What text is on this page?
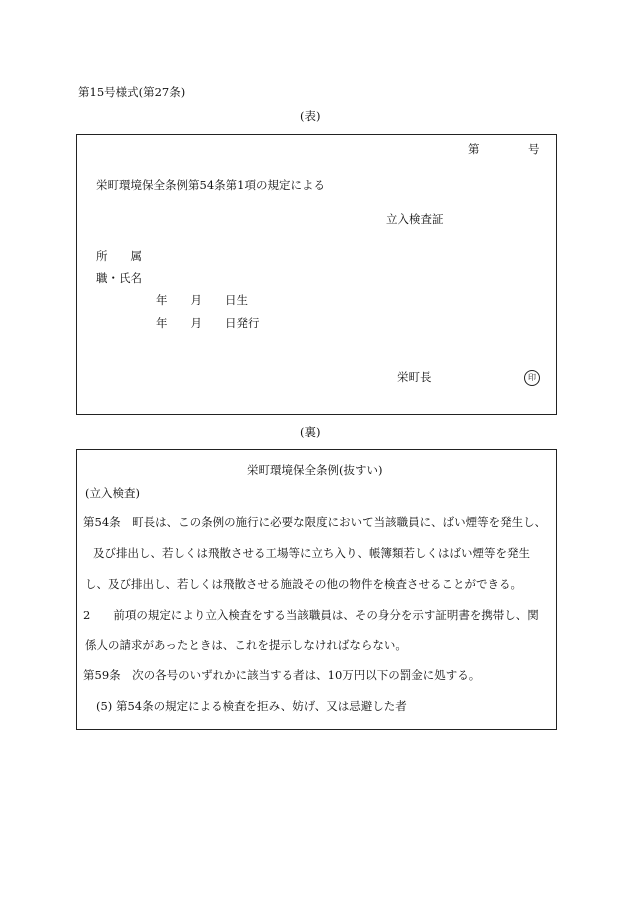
第15号様式(第27条)
(表)
第	号
栄町環境保全条例第54条第1項の規定による
立入検査証
所　　属
職・氏名
年　　月　　日生
年　　月　　日発行
栄町長	印
(裏)
栄町環境保全条例(抜すい)
(立入検査)
第54条　町長は、この条例の施行に必要な限度において当該職員に、ばい煙等を発生し、
及び排出し、若しくは飛散させる工場等に立ち入り、帳簿類若しくはばい煙等を発生
し、及び排出し、若しくは飛散させる施設その他の物件を検査させることができる。
2　　前項の規定により立入検査をする当該職員は、その身分を示す証明書を携帯し、関
係人の請求があったときは、これを提示しなければならない。
第59条　次の各号のいずれかに該当する者は、10万円以下の罰金に処する。
(5) 第54条の規定による検査を拒み、妨げ、又は忌避した者
